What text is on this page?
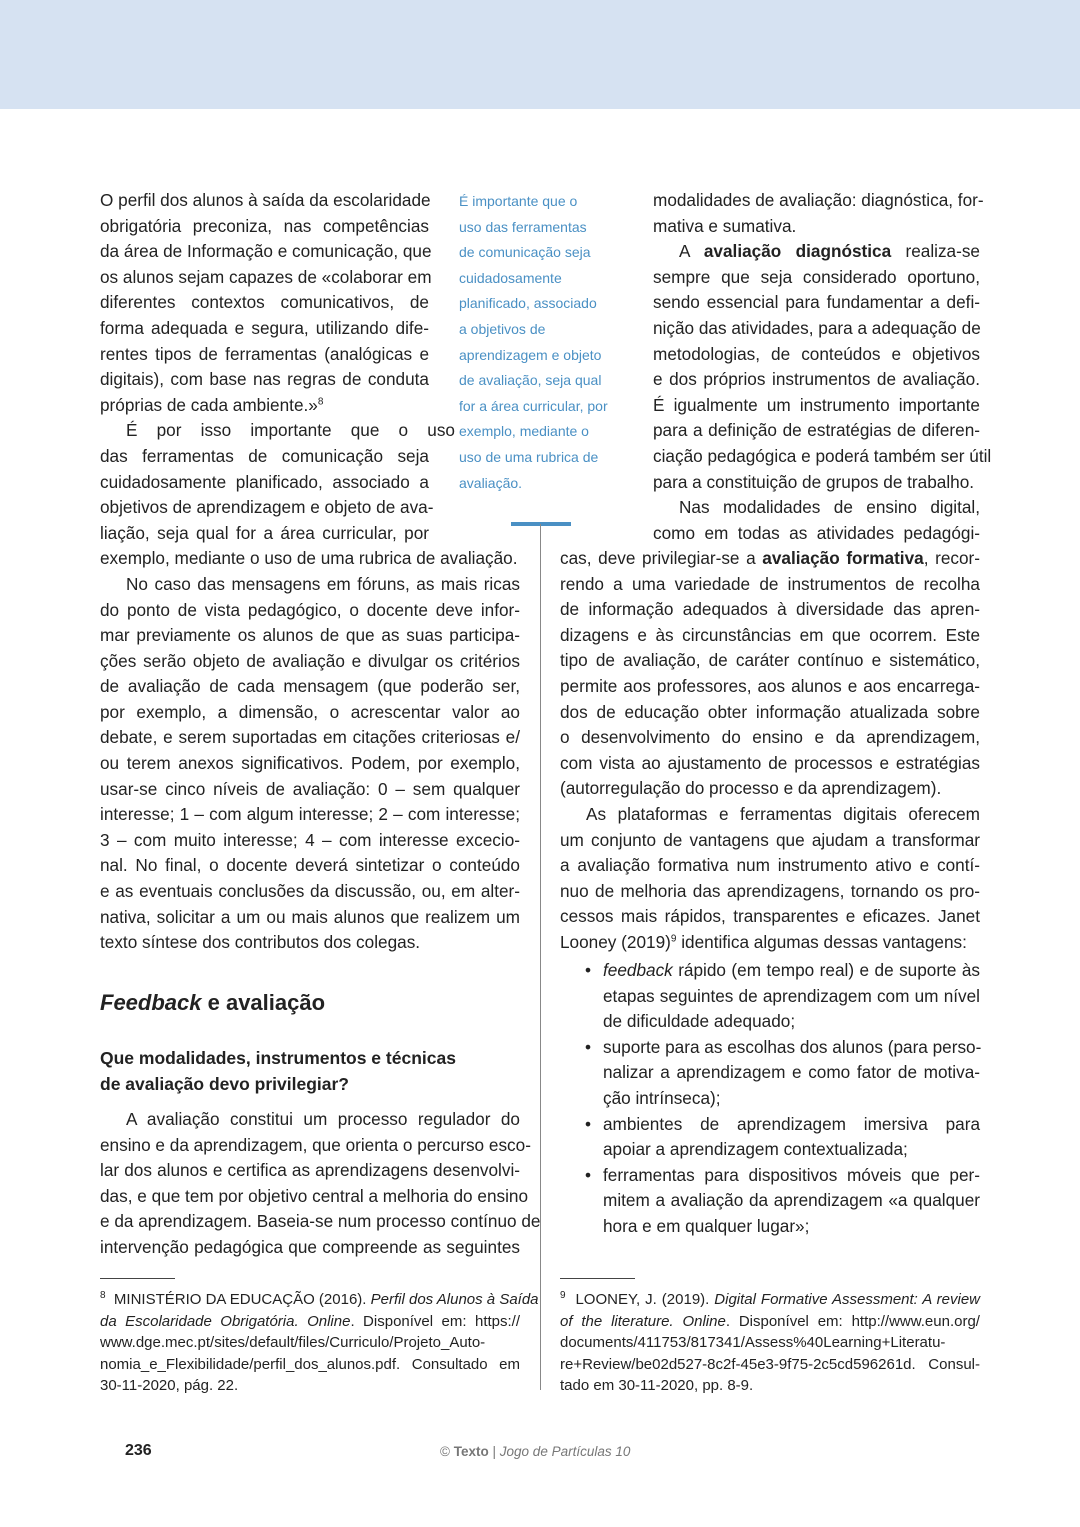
O perfil dos alunos à saída da escolaridade
obrigatória preconiza, nas competências
da área de Informação e comunicação, que
os alunos sejam capazes de «colaborar em
diferentes contextos comunicativos, de
forma adequada e segura, utilizando dife-
rentes tipos de ferramentas (analógicas e
digitais), com base nas regras de conduta
próprias de cada ambiente.»$^8$
É por isso importante que o uso
das ferramentas de comunicação seja
cuidadosamente planificado, associado a
objetivos de aprendizagem e objeto de ava-
liação, seja qual for a área curricular, por
exemplo, mediante o uso de uma rubrica de avaliação.
No caso das mensagens em fóruns, as mais ricas
do ponto de vista pedagógico, o docente deve infor-
mar previamente os alunos de que as suas participa-
ções serão objeto de avaliação e divulgar os critérios
de avaliação de cada mensagem (que poderão ser,
por exemplo, a dimensão, o acrescentar valor ao
debate, e serem suportadas em citações criteriosas e/
ou terem anexos significativos. Podem, por exemplo,
usar-se cinco níveis de avaliação: 0 – sem qualquer
interesse; 1 – com algum interesse; 2 – com interesse;
3 – com muito interesse; 4 – com interesse excecio-
nal. No final, o docente deverá sintetizar o conteúdo
e as eventuais conclusões da discussão, ou, em alter-
nativa, solicitar a um ou mais alunos que realizem um
texto síntese dos contributos dos colegas.
É importante que o
uso das ferramentas
de comunicação seja
cuidadosamente
planificado, associado
a objetivos de
aprendizagem e objeto
de avaliação, seja qual
for a área curricular, por
exemplo, mediante o
uso de uma rubrica de
avaliação.
Feedback e avaliação
Que modalidades, instrumentos e técnicas
de avaliação devo privilegiar?
A avaliação constitui um processo regulador do
ensino e da aprendizagem, que orienta o percurso esco-
lar dos alunos e certifica as aprendizagens desenvolvi-
das, e que tem por objetivo central a melhoria do ensino
e da aprendizagem. Baseia-se num processo contínuo de
intervenção pedagógica que compreende as seguintes
modalidades de avaliação: diagnóstica, for-
mativa e sumativa.
A avaliação diagnóstica realiza-se
sempre que seja considerado oportuno,
sendo essencial para fundamentar a defi-
nição das atividades, para a adequação de
metodologias, de conteúdos e objetivos
e dos próprios instrumentos de avaliação.
É igualmente um instrumento importante
para a definição de estratégias de diferen-
ciação pedagógica e poderá também ser útil
para a constituição de grupos de trabalho.
Nas modalidades de ensino digital,
como em todas as atividades pedagógi-
cas, deve privilegiar-se a avaliação formativa, recor-
rendo a uma variedade de instrumentos de recolha
de informação adequados à diversidade das apren-
dizagens e às circunstâncias em que ocorrem. Este
tipo de avaliação, de caráter contínuo e sistemático,
permite aos professores, aos alunos e aos encarrega-
dos de educação obter informação atualizada sobre
o desenvolvimento do ensino e da aprendizagem,
com vista ao ajustamento de processos e estratégias
(autorregulação do processo e da aprendizagem).
As plataformas e ferramentas digitais oferecem
um conjunto de vantagens que ajudam a transformar
a avaliação formativa num instrumento ativo e contí-
nuo de melhoria das aprendizagens, tornando os pro-
cessos mais rápidos, transparentes e eficazes. Janet
Looney $(2019)^9$ identifica algumas dessas vantagens:
• feedback rápido (em tempo real) e de suporte às
etapas seguintes de aprendizagem com um nível
de dificuldade adequado;
• suporte para as escolhas dos alunos (para perso-
nalizar a aprendizagem e como fator de motiva-
ção intrínseca);
• ambientes de aprendizagem imersiva para
apoiar a aprendizagem contextualizada;
• ferramentas para dispositivos móveis que per-
mitem a avaliação da aprendizagem «a qualquer
hora e em qualquer lugar»;
$^8$ MINISTÉRIO DA EDUCAÇÃO (2016). Perfil dos Alunos à Saída
da Escolaridade Obrigatória. Online. Disponível em: https://
www.dge.mec.pt/sites/default/files/Curriculo/Projeto_Auto-
nomia_e_Flexibilidade/perfil_dos_alunos.pdf. Consultado em
30-11-2020, pág. 22.
$^9$ LOONEY, J. (2019). Digital Formative Assessment: A review
of the literature. Online. Disponível em: http://www.eun.org/
documents/411753/817341/Assess%40Learning+Literatu-
re+Review/be02d527-8c2f-45e3-9f75-2c5cd596261d. Consul-
tado em 30-11-2020, pp. 8-9.
236	© Texto | Jogo de Partículas 10
